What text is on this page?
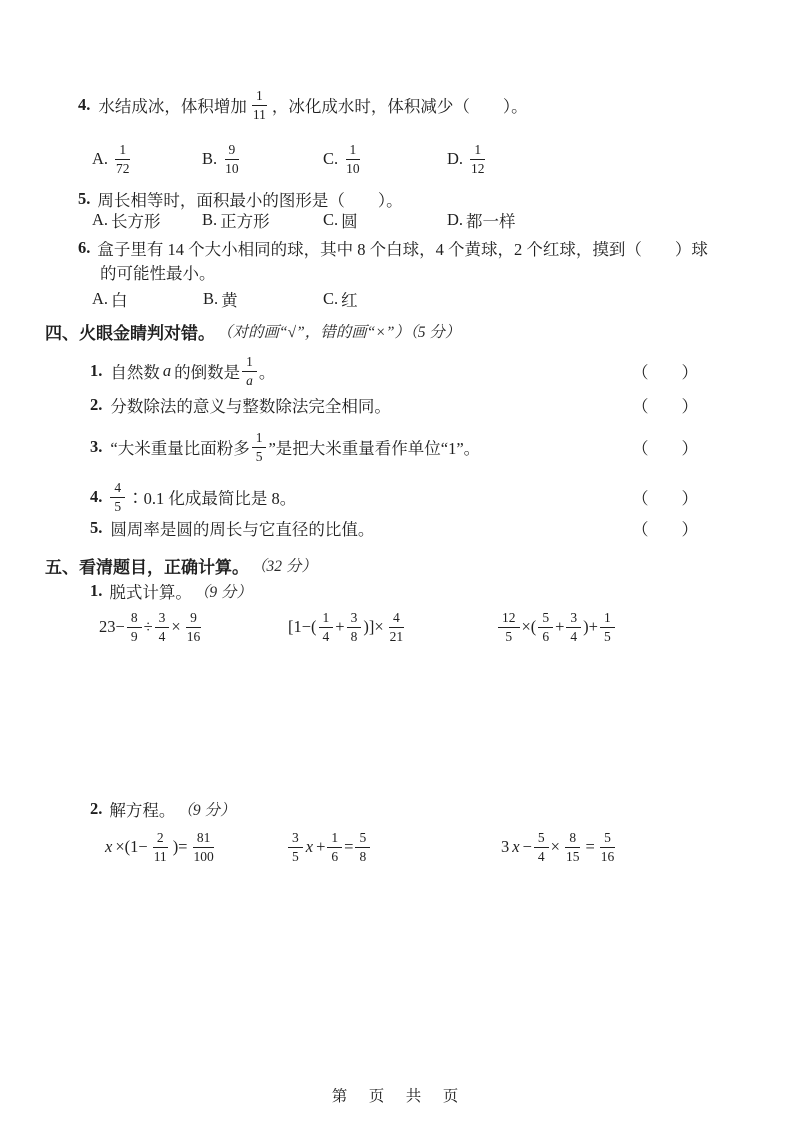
4. 水结成冰，体积增加 $\frac{1}{11}$ ，冰化成水时，体积减少（　　）。
A. $\frac{1}{72}$	B. $\frac{9}{10}$	C. $\frac{1}{10}$	D. $\frac{1}{12}$
5. 周长相等时，面积最小的图形是（　　）。
A. 长方形	B. 正方形	C. 圆	D. 都一样
6. 盒子里有 14 个大小相同的球，其中 8 个白球，4 个黄球，2 个红球，摸到（　　）球
的可能性最小。
A. 白	B. 黄	C. 红
四、火眼金睛判对错。 （对的画“√”，错的画“×”）（5 分）
1. 自然数 a 的倒数是 $\frac{1}{a}$ 。	（　　）
2. 分数除法的意义与整数除法完全相同。	（　　）
3. “大米重量比面粉多 $\frac{1}{5}$ ”是把大米重量看作单位“1”。	（　　）
4. $\frac{4}{5}$ ∶0.1 化成最简比是 8。	（　　）
5. 圆周率是圆的周长与它直径的比值。	（　　）
五、看清题目，正确计算。 （32 分）
1. 脱式计算。 （9 分）
$23- \frac{8}{9} \div \frac{3}{4} \times \frac{9}{16}$	[$1-( \frac{1}{4} + \frac{3}{8}$ )]× $\frac{4}{21}$	$\frac{12}{5}$ ×( $\frac{5}{6} + \frac{3}{4}$ )+ $\frac{1}{5}$
2. 解方程。 （9 分）
$x \times(1- \frac{2}{11}$ )= $\frac{81}{100}$	$\frac{3}{5}$ $x + \frac{1}{6} = \frac{5}{8}$	3 $x - \frac{5}{4} \times \frac{8}{15} = \frac{5}{16}$
第　页　共　页
